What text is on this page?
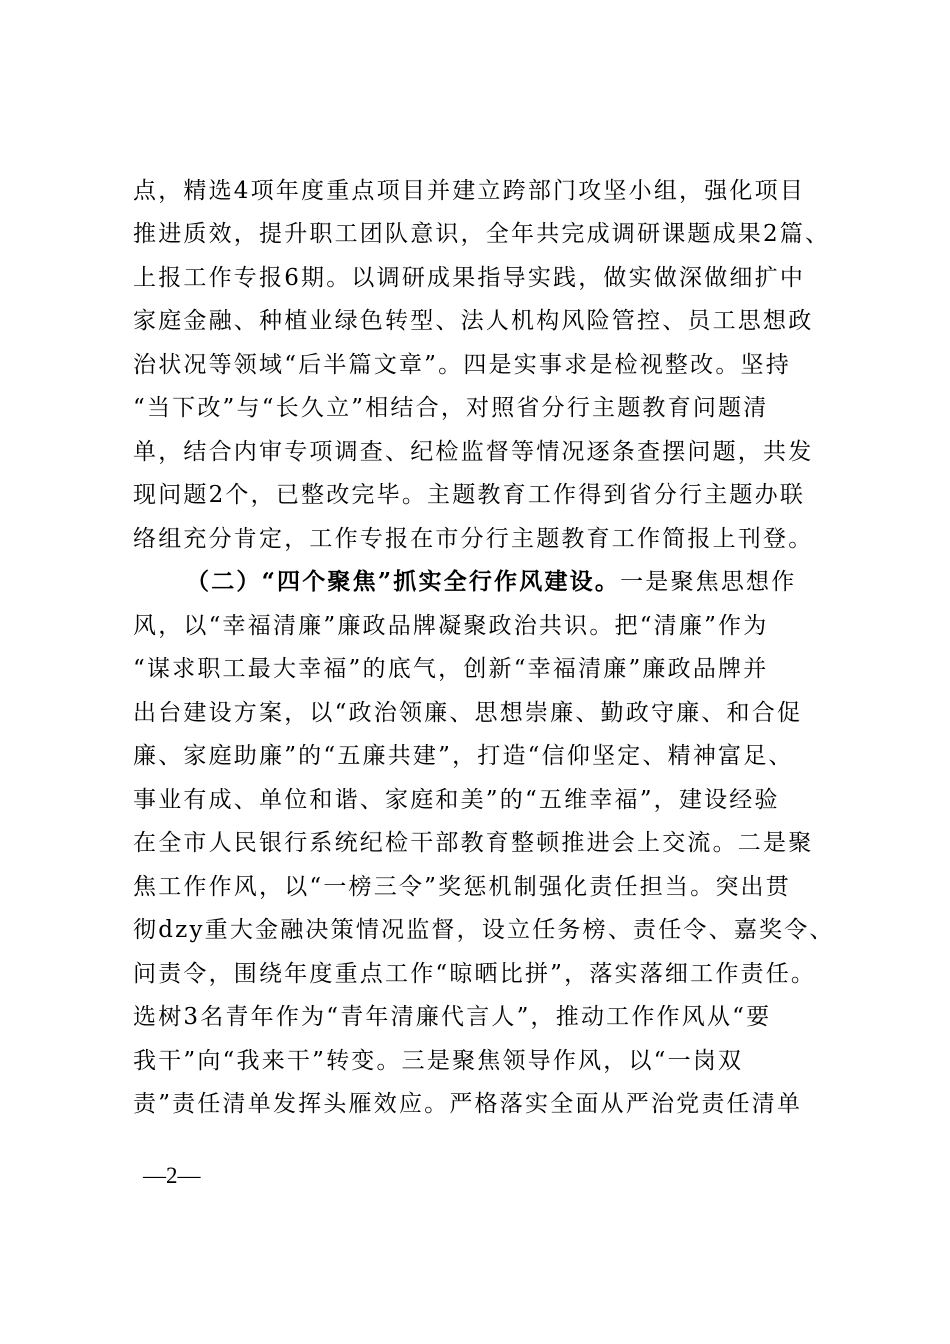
点，精选4项年度重点项目并建立跨部门攻坚小组，强化项目
推进质效，提升职工团队意识，全年共完成调研课题成果2篇、
上报工作专报6期。以调研成果指导实践，做实做深做细扩中
家庭金融、种植业绿色转型、法人机构风险管控、员工思想政
治状况等领域“后半篇文章”。四是实事求是检视整改。坚持
“当下改”与“长久立”相结合，对照省分行主题教育问题清
单，结合内审专项调查、纪检监督等情况逐条查摆问题，共发
现问题2个，已整改完毕。主题教育工作得到省分行主题办联
络组充分肯定，工作专报在市分行主题教育工作简报上刊登。
（二）“四个聚焦”抓实全行作风建设。一是聚焦思想作
风，以“幸福清廉”廉政品牌凝聚政治共识。把“清廉”作为
“谋求职工最大幸福”的底气，创新“幸福清廉”廉政品牌并
出台建设方案，以“政治领廉、思想崇廉、勤政守廉、和合促
廉、家庭助廉”的“五廉共建”，打造“信仰坚定、精神富足、
事业有成、单位和谐、家庭和美”的“五维幸福”，建设经验
在全市人民银行系统纪检干部教育整顿推进会上交流。二是聚
焦工作作风，以“一榜三令”奖惩机制强化责任担当。突出贯
彻dzy重大金融决策情况监督，设立任务榜、责任令、嘉奖令、
问责令，围绕年度重点工作“晾晒比拼”，落实落细工作责任。
选树3名青年作为“青年清廉代言人”，推动工作作风从“要
我干”向“我来干”转变。三是聚焦领导作风，以“一岗双
责”责任清单发挥头雁效应。严格落实全面从严治党责任清单
—2—
